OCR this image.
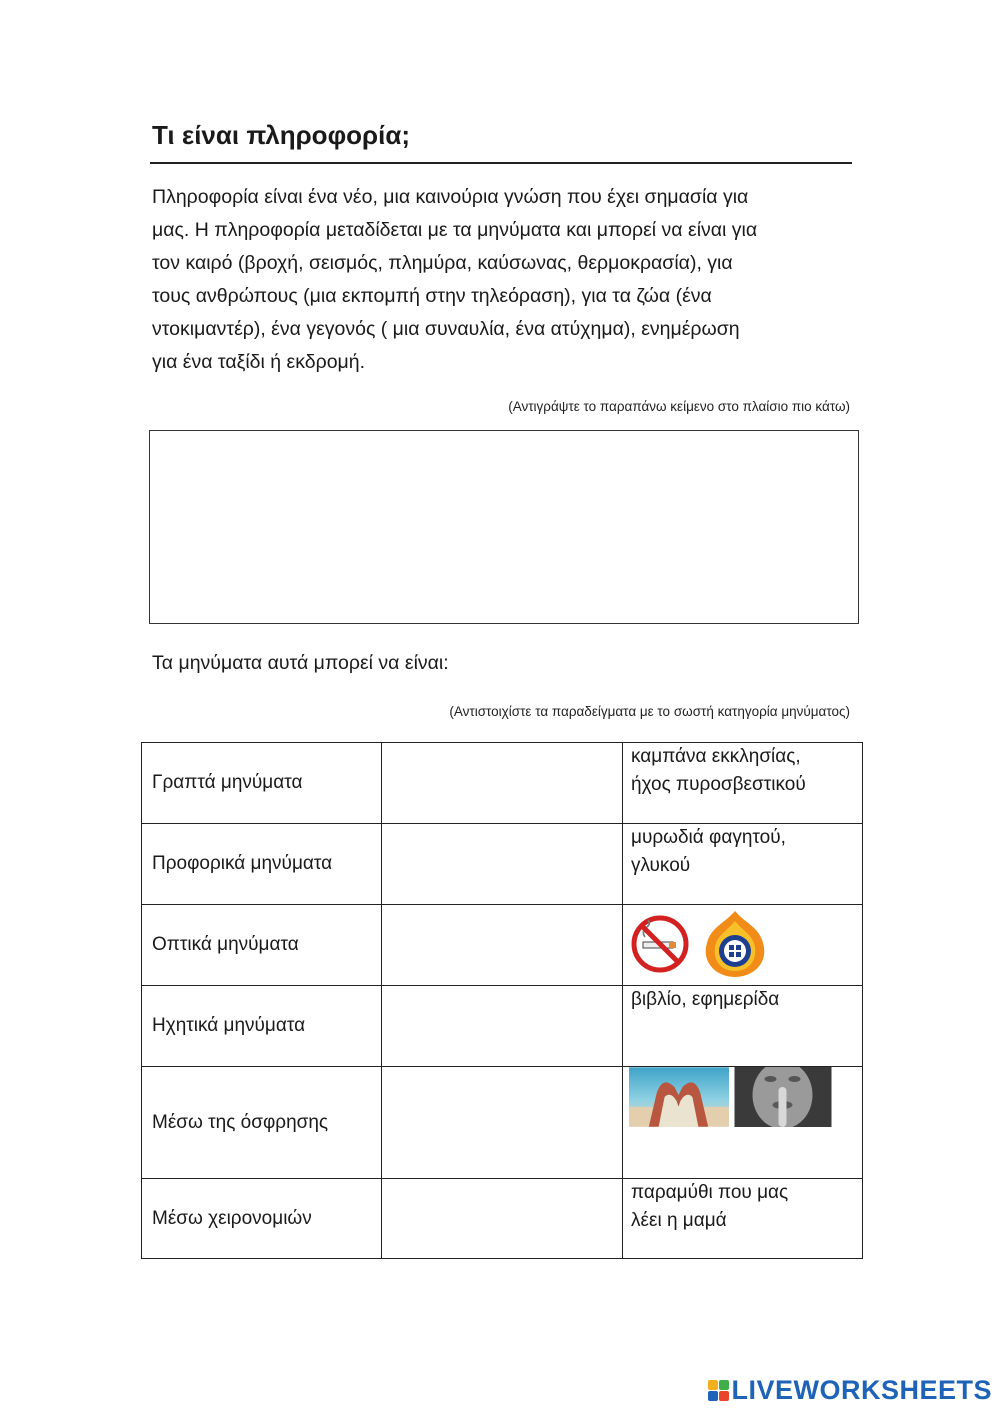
Τι είναι πληροφορία;

Πληροφορία είναι ένα νέο, μια καινούρια γνώση που έχει σημασία για
μας. Η πληροφορία μεταδίδεται με τα μηνύματα και μπορεί να είναι για
τον καιρό (βροχή, σεισμός, πλημύρα, καύσωνας, θερμοκρασία), για
τους ανθρώπους (μια εκπομπή στην τηλεόραση), για τα ζώα (ένα
ντοκιμαντέρ), ένα γεγονός ( μια συναυλία, ένα ατύχημα), ενημέρωση
για ένα ταξίδι ή εκδρομή.

(Αντιγράψτε το παραπάνω κείμενο στο πλαίσιο πιο κάτω)
Τα μηνύματα αυτά μπορεί να είναι:
(Αντιστοιχίστε τα παραδείγματα με το σωστή κατηγορία μηνύματος)
Γραπτά μηνύματα		καμπάνα εκκλησίας,
ήχος πυροσβεστικού

Προφορικά μηνύματα		μυρωδιά φαγητού,
γλυκού

Οπτικά μηνύματα		

Ηχητικά μηνύματα		βιβλίο, εφημερίδα

Μέσω της όσφρησης		

Μέσω χειρονομιών		παραμύθι που μας
λέει η μαμά
LIVEWORKSHEETS
